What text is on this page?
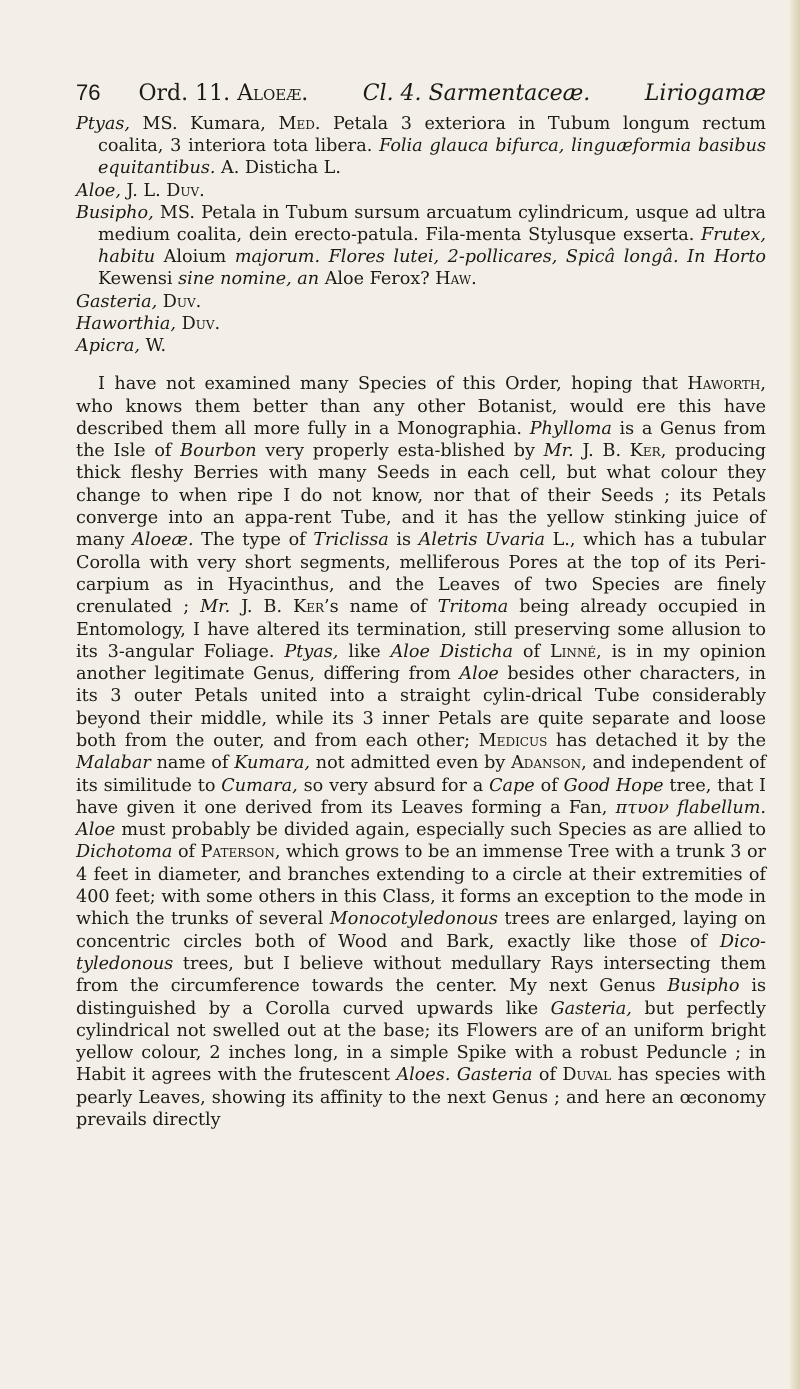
76 Ord. 11. Aloeæ. Cl. 4. Sarmentaceæ. Liriogamæ

Ptyas, MS. Kumara, Med. Petala 3 exteriora in Tubum longum rectum coalita, 3 interiora tota libera. Folia glauca bifurca, linguæformia basibus equitantibus. A. Disticha L.

Aloe, J. L. Duv.

Busipho, MS. Petala in Tubum sursum arcuatum cylindricum, usque ad ultra medium coalita, dein erecto-patula. Fila-menta Stylusque exserta. Frutex, habitu Aloium majorum. Flores lutei, 2-pollicares, Spicâ longâ. In Horto Kewensi sine nomine, an Aloe Ferox? Haw.

Gasteria, Duv.

Haworthia, Duv.

Apicra, W.

I have not examined many Species of this Order, hoping that Haworth, who knows them better than any other Botanist, would ere this have described them all more fully in a Monographia. Phylloma is a Genus from the Isle of Bourbon very properly esta-blished by Mr. J. B. Ker, producing thick fleshy Berries with many Seeds in each cell, but what colour they change to when ripe I do not know, nor that of their Seeds ; its Petals converge into an appa-rent Tube, and it has the yellow stinking juice of many Aloeæ. The type of Triclissa is Aletris Uvaria L., which has a tubular Corolla with very short segments, melliferous Pores at the top of its Peri-carpium as in Hyacinthus, and the Leaves of two Species are finely crenulated ; Mr. J. B. Ker’s name of Tritoma being already occupied in Entomology, I have altered its termination, still preserving some allusion to its 3-angular Foliage. Ptyas, like Aloe Disticha of Linné, is in my opinion another legitimate Genus, differing from Aloe besides other characters, in its 3 outer Petals united into a straight cylin-drical Tube considerably beyond their middle, while its 3 inner Petals are quite separate and loose both from the outer, and from each other; Medicus has detached it by the Malabar name of Kumara, not admitted even by Adanson, and independent of its similitude to Cumara, so very absurd for a Cape of Good Hope tree, that I have given it one derived from its Leaves forming a Fan, πτυον flabellum. Aloe must probably be divided again, especially such Species as are allied to Dichotoma of Paterson, which grows to be an immense Tree with a trunk 3 or 4 feet in diameter, and branches extending to a circle at their extremities of 400 feet; with some others in this Class, it forms an exception to the mode in which the trunks of several Monocotyledonous trees are enlarged, laying on concentric circles both of Wood and Bark, exactly like those of Dico-tyledonous trees, but I believe without medullary Rays intersecting them from the circumference towards the center. My next Genus Busipho is distinguished by a Corolla curved upwards like Gasteria, but perfectly cylindrical not swelled out at the base; its Flowers are of an uniform bright yellow colour, 2 inches long, in a simple Spike with a robust Peduncle ; in Habit it agrees with the frutescent Aloes. Gasteria of Duval has species with pearly Leaves, showing its affinity to the next Genus ; and here an œconomy prevails directly
